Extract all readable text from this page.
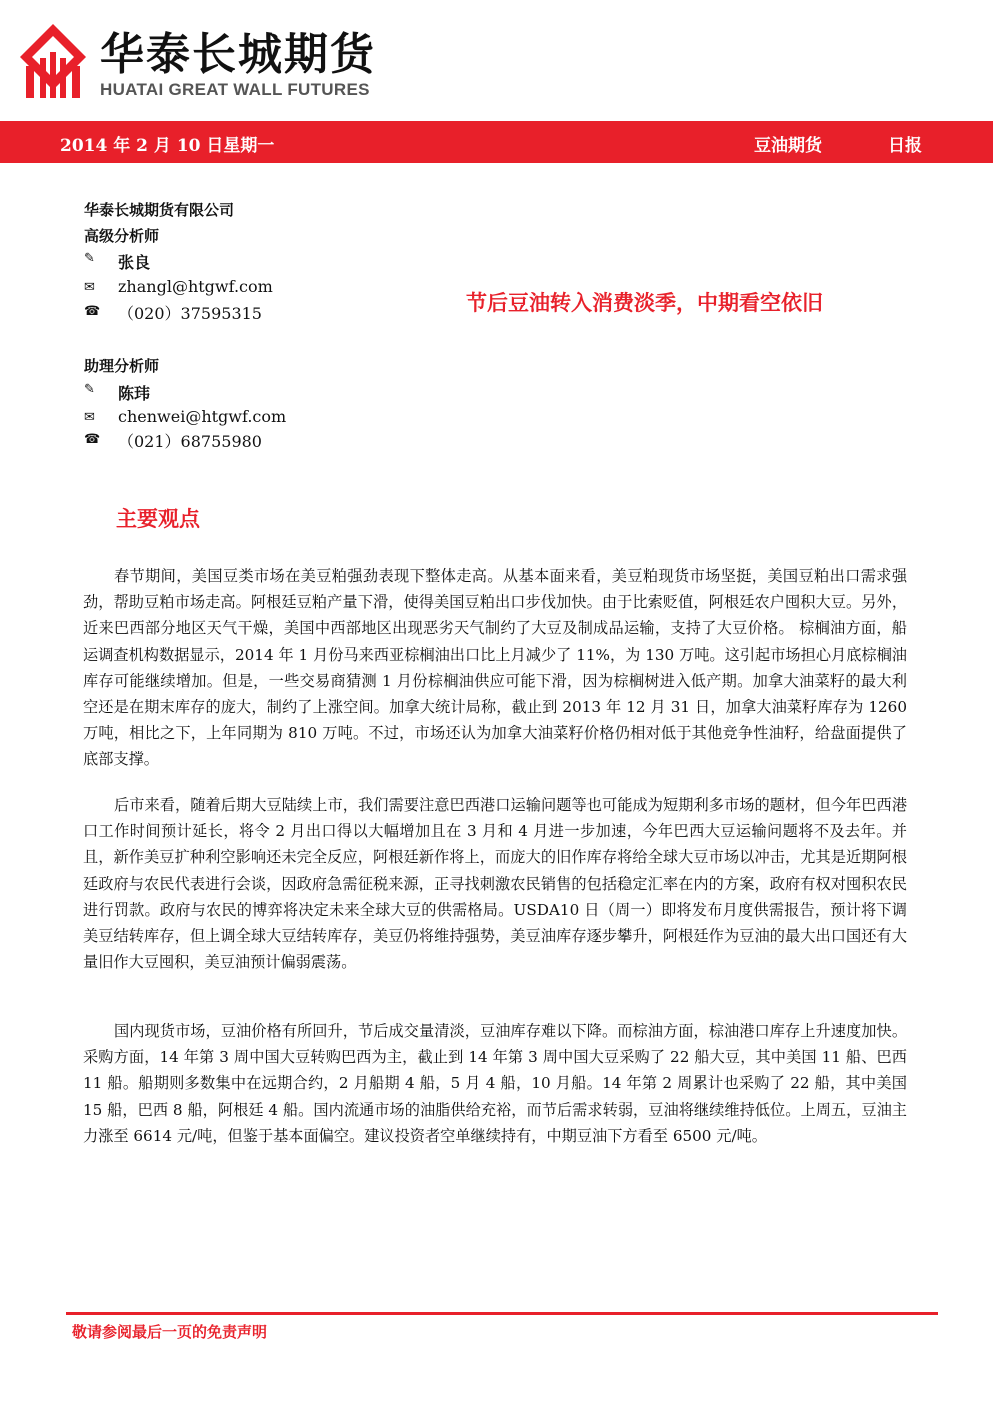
华泰长城期货
HUATAI GREAT WALL FUTURES
2014 年 2 月 10 日星期一	豆油期货	日报
华泰长城期货有限公司
高级分析师
✎ 张良
✉ zhangl@htgwf.com
☎ （020）37595315	节后豆油转入消费淡季，中期看空依旧
助理分析师
✎ 陈玮
✉ chenwei@htgwf.com
☎ （021）68755980
主要观点

春节期间，美国豆类市场在美豆粕强劲表现下整体走高。从基本面来看，美豆粕现货市场坚挺，美国豆粕出口需求强劲，帮助豆粕市场走高。阿根廷豆粕产量下滑，使得美国豆粕出口步伐加快。由于比索贬值，阿根廷农户囤积大豆。另外，近来巴西部分地区天气干燥，美国中西部地区出现恶劣天气制约了大豆及制成品运输，支持了大豆价格。 棕榈油方面，船运调查机构数据显示，2014 年 1 月份马来西亚棕榈油出口比上月减少了 11%，为 130 万吨。这引起市场担心月底棕榈油库存可能继续增加。但是，一些交易商猜测 1 月份棕榈油供应可能下滑，因为棕榈树进入低产期。加拿大油菜籽的最大利空还是在期末库存的庞大，制约了上涨空间。加拿大统计局称，截止到 2013 年 12 月 31 日，加拿大油菜籽库存为 1260 万吨，相比之下，上年同期为 810 万吨。不过，市场还认为加拿大油菜籽价格仍相对低于其他竞争性油籽，给盘面提供了底部支撑。

后市来看，随着后期大豆陆续上市，我们需要注意巴西港口运输问题等也可能成为短期利多市场的题材，但今年巴西港口工作时间预计延长，将令 2 月出口得以大幅增加且在 3 月和 4 月进一步加速，今年巴西大豆运输问题将不及去年。并且，新作美豆扩种利空影响还未完全反应，阿根廷新作将上，而庞大的旧作库存将给全球大豆市场以冲击，尤其是近期阿根廷政府与农民代表进行会谈，因政府急需征税来源，正寻找刺激农民销售的包括稳定汇率在内的方案，政府有权对囤积农民进行罚款。政府与农民的博弈将决定未来全球大豆的供需格局。USDA10 日（周一）即将发布月度供需报告，预计将下调美豆结转库存，但上调全球大豆结转库存，美豆仍将维持强势，美豆油库存逐步攀升，阿根廷作为豆油的最大出口国还有大量旧作大豆囤积，美豆油预计偏弱震荡。

国内现货市场，豆油价格有所回升，节后成交量清淡，豆油库存难以下降。而棕油方面，棕油港口库存上升速度加快。采购方面，14 年第 3 周中国大豆转购巴西为主，截止到 14 年第 3 周中国大豆采购了 22 船大豆，其中美国 11 船、巴西 11 船。船期则多数集中在远期合约，2 月船期 4 船，5 月 4 船，10 月船。14 年第 2 周累计也采购了 22 船，其中美国 15 船，巴西 8 船，阿根廷 4 船。国内流通市场的油脂供给充裕，而节后需求转弱，豆油将继续维持低位。上周五，豆油主力涨至 6614 元/吨，但鉴于基本面偏空。建议投资者空单继续持有，中期豆油下方看至 6500 元/吨。

敬请参阅最后一页的免责声明
